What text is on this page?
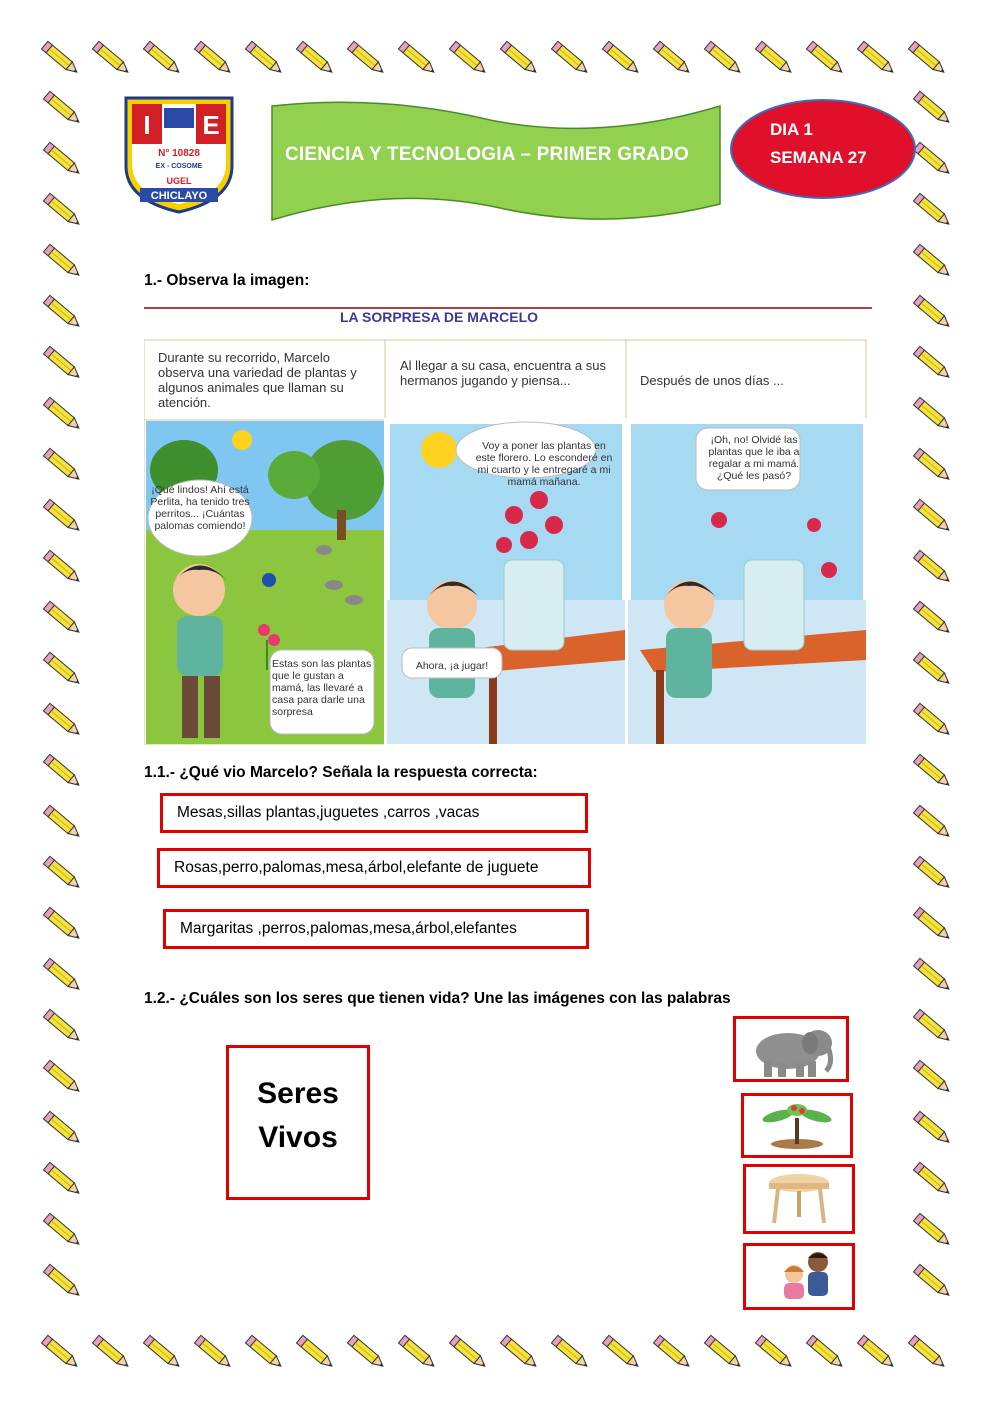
I E
N° 10828
EX - COSOME
UGEL
CHICLAYO
CIENCIA Y TECNOLOGIA – PRIMER GRADO
DIA 1
SEMANA 27
1.- Observa la imagen:
LA SORPRESA DE MARCELO
Durante su recorrido, Marcelo observa una variedad de plantas y algunos animales que llaman su atención.
Al llegar a su casa, encuentra a sus hermanos jugando y piensa...	Después de unos días ...
¡Qué lindos! Ahí está Perlita, ha tenido tres perritos... ¡Cuántas palomas comiendo!
Estas son las plantas que le gustan a mamá, las llevaré a casa para darle una sorpresa
Voy a poner las plantas en este florero. Lo esconderé en mi cuarto y le entregaré a mi mamá mañana.
Ahora, ¡a jugar!
¡Oh, no! Olvidé las plantas que le iba a regalar a mi mamá. ¿Qué les pasó?
1.1.- ¿Qué vio Marcelo? Señala la respuesta correcta:
Mesas,sillas plantas,juguetes ,carros ,vacas
Rosas,perro,palomas,mesa,árbol,elefante de juguete
Margaritas ,perros,palomas,mesa,árbol,elefantes
1.2.- ¿Cuáles son los seres que tienen vida? Une las imágenes con las palabras
Seres
Vivos
